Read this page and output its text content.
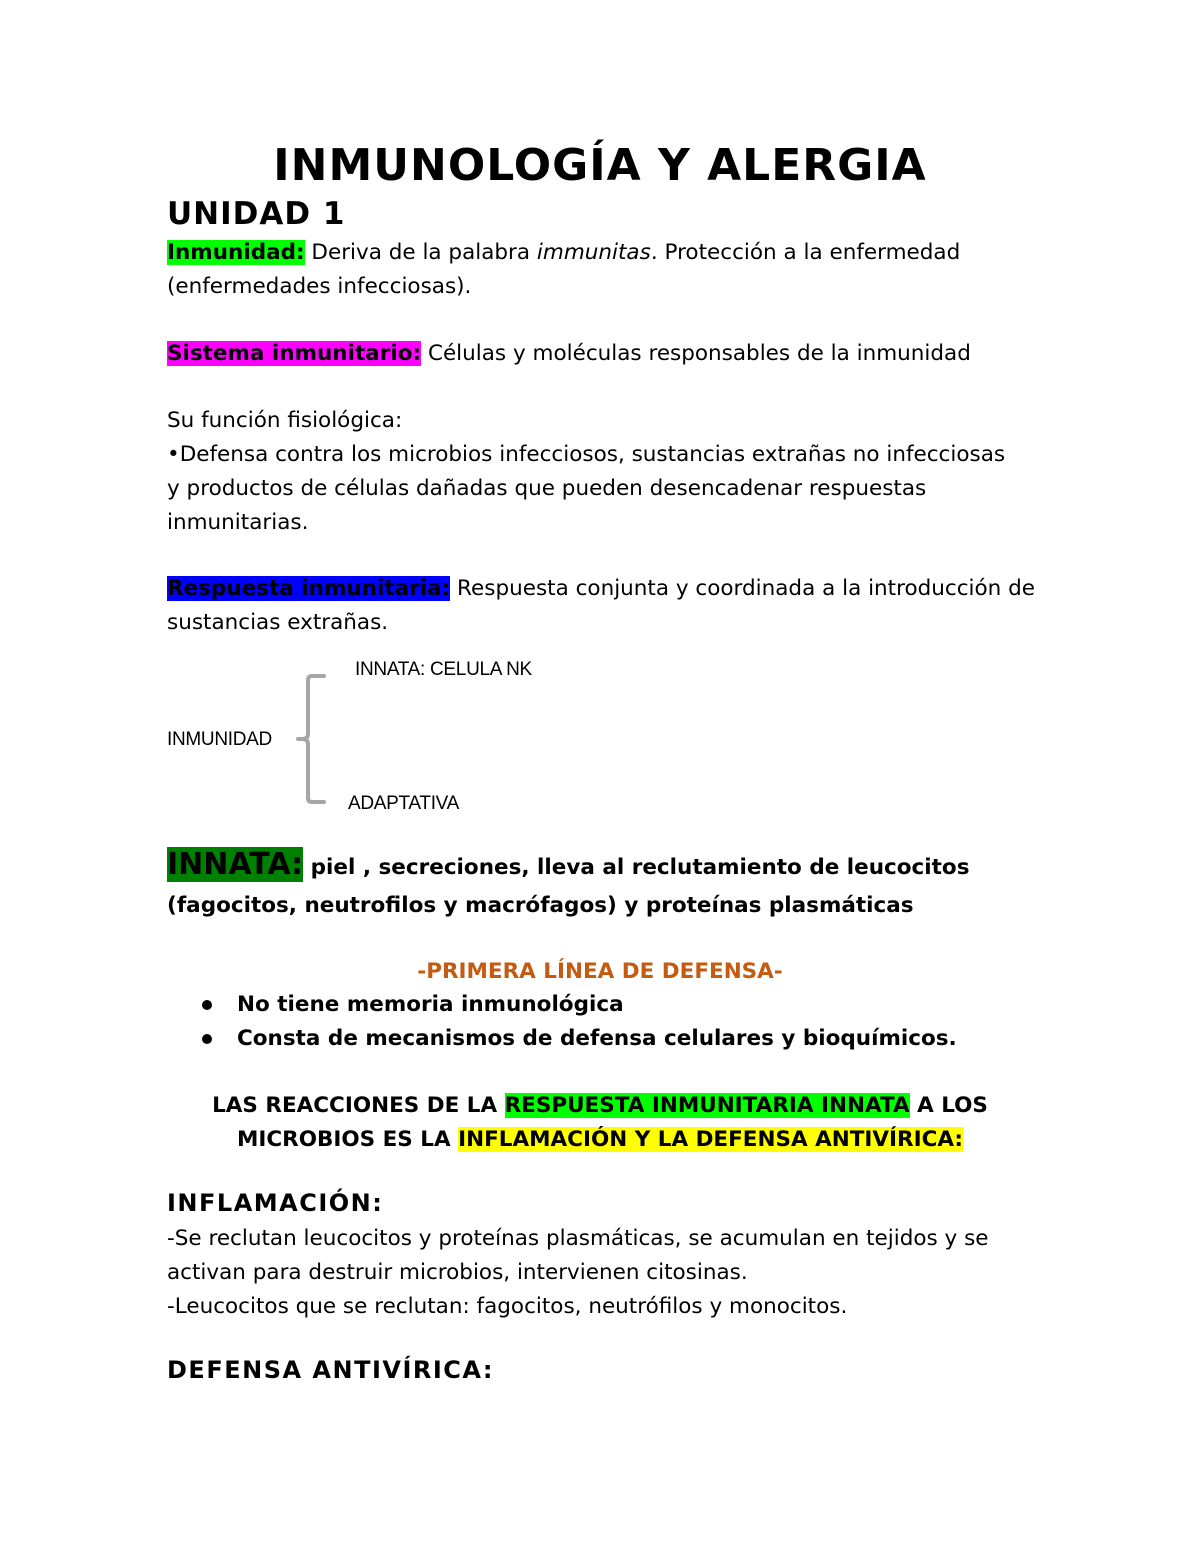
INMUNOLOGÍA Y ALERGIA
UNIDAD 1

Inmunidad: Deriva de la palabra immunitas. Protección a la enfermedad
(enfermedades infecciosas).

Sistema inmunitario: Células y moléculas responsables de la inmunidad

Su función fisiológica:
•Defensa contra los microbios infecciosos, sustancias extrañas no infecciosas
y productos de células dañadas que pueden desencadenar respuestas
inmunitarias.

Respuesta inmunitaria: Respuesta conjunta y coordinada a la introducción de
sustancias extrañas.

INMUNIDAD
INNATA: CELULA NK
ADAPTATIVA

INNATA: piel , secreciones, lleva al reclutamiento de leucocitos
(fagocitos, neutrofilos y macrófagos) y proteínas plasmáticas

-PRIMERA LÍNEA DE DEFENSA-

No tiene memoria inmunológica
Consta de mecanismos de defensa celulares y bioquímicos.

LAS REACCIONES DE LA RESPUESTA INMUNITARIA INNATA A LOS

MICROBIOS ES LA INFLAMACIÓN Y LA DEFENSA ANTIVÍRICA:

INFLAMACIÓN:

-Se reclutan leucocitos y proteínas plasmáticas, se acumulan en tejidos y se
activan para destruir microbios, intervienen citosinas.
-Leucocitos que se reclutan: fagocitos, neutrófilos y monocitos.

DEFENSA ANTIVÍRICA:
